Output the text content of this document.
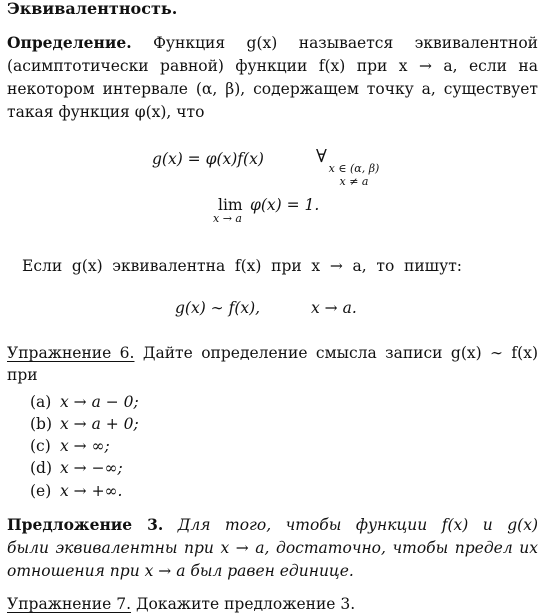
Эквивалентность.
Определение. Функция g(x) называется эквивалентной
(асимптотически равной) функции f(x) при x → a, если на
некотором интервале (α, β), содержащем точку a, существует
такая функция φ(x), что
g(x) = φ(x)f(x)	∀
x ∈ (α, β)
x ≠ a
lim
x → a
φ(x) = 1.
Если g(x) эквивалентна f(x) при x → a, то пишут:
g(x) ∼ f(x),	x → a.
Упражнение 6. Дайте определение смысла записи g(x) ∼ f(x)
при
(a) x → a − 0;
(b) x → a + 0;
(c) x → ∞;
(d) x → −∞;
(e) x → +∞.
Предложение 3. Для того, чтобы функции f(x) и g(x)
были эквивалентны при x → a, достаточно, чтобы предел их
отношения при x → a был равен единице.
Упражнение 7. Докажите предложение 3.
